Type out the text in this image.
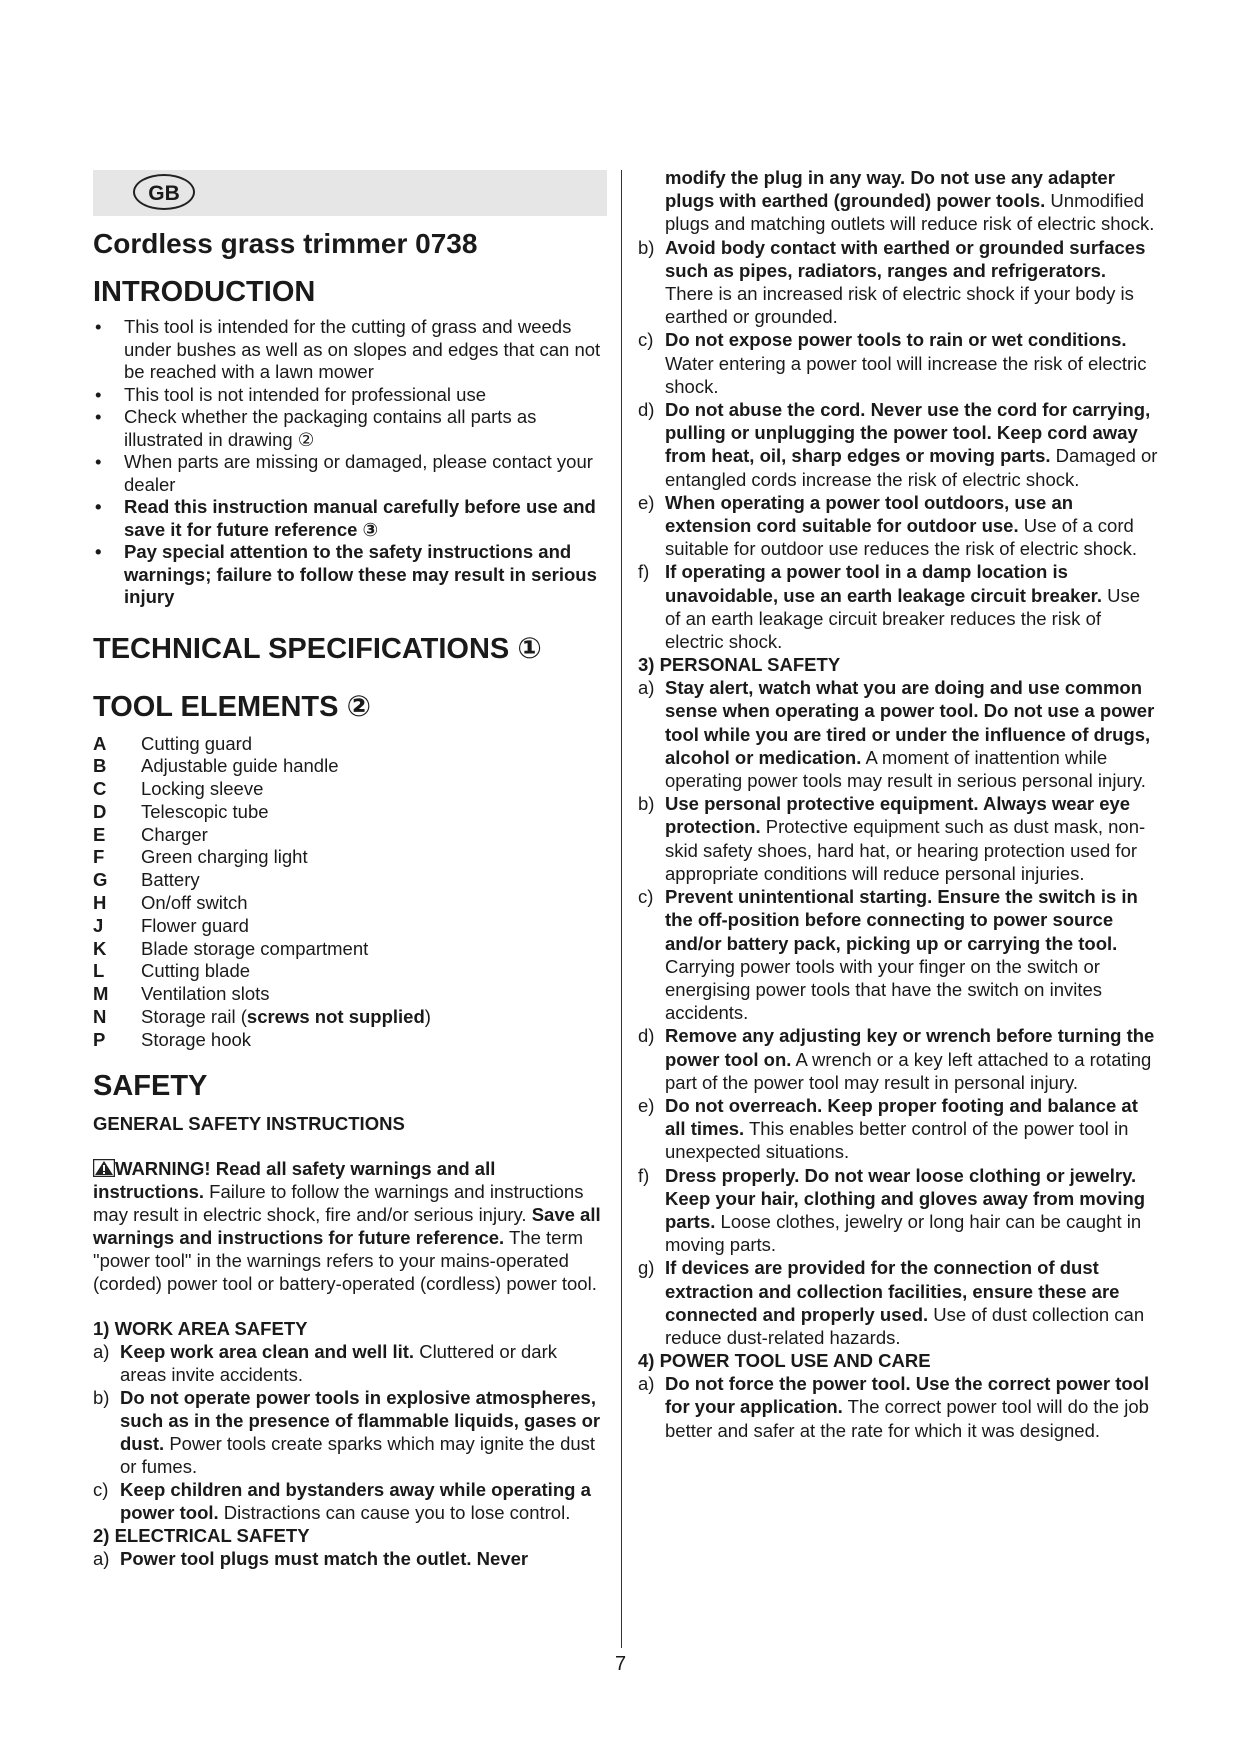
GB
Cordless grass trimmer 0738
INTRODUCTION
• This tool is intended for the cutting of grass and weeds under bushes as well as on slopes and edges that can not be reached with a lawn mower
• This tool is not intended for professional use
• Check whether the packaging contains all parts as illustrated in drawing ②
• When parts are missing or damaged, please contact your dealer
• Read this instruction manual carefully before use and save it for future reference ③
• Pay special attention to the safety instructions and warnings; failure to follow these may result in serious injury
TECHNICAL SPECIFICATIONS ①
TOOL ELEMENTS ②
A	Cutting guard
B	Adjustable guide handle
C	Locking sleeve
D	Telescopic tube
E	Charger
F	Green charging light
G	Battery
H	On/off switch
J	Flower guard
K	Blade storage compartment
L	Cutting blade
M	Ventilation slots
N	Storage rail (screws not supplied)
P	Storage hook
SAFETY
GENERAL SAFETY INSTRUCTIONS
WARNING! Read all safety warnings and all instructions. Failure to follow the warnings and instructions may result in electric shock, fire and/or serious injury. Save all warnings and instructions for future reference. The term "power tool" in the warnings refers to your mains-operated (corded) power tool or battery-operated (cordless) power tool.
1) WORK AREA SAFETY
a) Keep work area clean and well lit. Cluttered or dark areas invite accidents.
b) Do not operate power tools in explosive atmospheres, such as in the presence of flammable liquids, gases or dust. Power tools create sparks which may ignite the dust or fumes.
c) Keep children and bystanders away while operating a power tool. Distractions can cause you to lose control.
2) ELECTRICAL SAFETY
a) Power tool plugs must match the outlet. Never
modify the plug in any way. Do not use any adapter plugs with earthed (grounded) power tools. Unmodified plugs and matching outlets will reduce risk of electric shock.
b) Avoid body contact with earthed or grounded surfaces such as pipes, radiators, ranges and refrigerators. There is an increased risk of electric shock if your body is earthed or grounded.
c) Do not expose power tools to rain or wet conditions. Water entering a power tool will increase the risk of electric shock.
d) Do not abuse the cord. Never use the cord for carrying, pulling or unplugging the power tool. Keep cord away from heat, oil, sharp edges or moving parts. Damaged or entangled cords increase the risk of electric shock.
e) When operating a power tool outdoors, use an extension cord suitable for outdoor use. Use of a cord suitable for outdoor use reduces the risk of electric shock.
f) If operating a power tool in a damp location is unavoidable, use an earth leakage circuit breaker. Use of an earth leakage circuit breaker reduces the risk of electric shock.
3) PERSONAL SAFETY
a) Stay alert, watch what you are doing and use common sense when operating a power tool. Do not use a power tool while you are tired or under the influence of drugs, alcohol or medication. A moment of inattention while operating power tools may result in serious personal injury.
b) Use personal protective equipment. Always wear eye protection. Protective equipment such as dust mask, non-skid safety shoes, hard hat, or hearing protection used for appropriate conditions will reduce personal injuries.
c) Prevent unintentional starting. Ensure the switch is in the off-position before connecting to power source and/or battery pack, picking up or carrying the tool. Carrying power tools with your finger on the switch or energising power tools that have the switch on invites accidents.
d) Remove any adjusting key or wrench before turning the power tool on. A wrench or a key left attached to a rotating part of the power tool may result in personal injury.
e) Do not overreach. Keep proper footing and balance at all times. This enables better control of the power tool in unexpected situations.
f) Dress properly. Do not wear loose clothing or jewelry. Keep your hair, clothing and gloves away from moving parts. Loose clothes, jewelry or long hair can be caught in moving parts.
g) If devices are provided for the connection of dust extraction and collection facilities, ensure these are connected and properly used. Use of dust collection can reduce dust-related hazards.
4) POWER TOOL USE AND CARE
a) Do not force the power tool. Use the correct power tool for your application. The correct power tool will do the job better and safer at the rate for which it was designed.
7
